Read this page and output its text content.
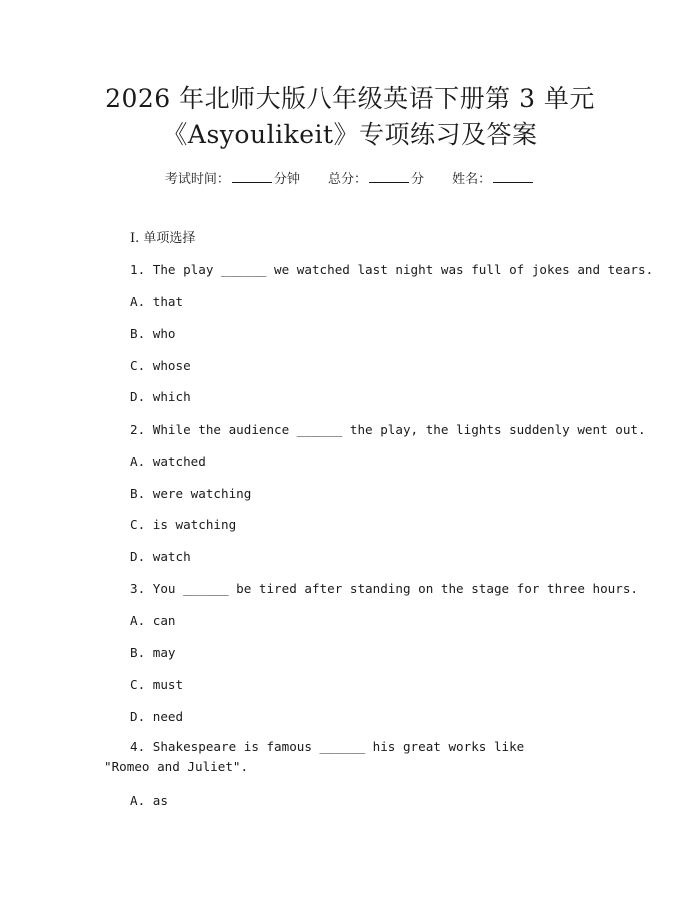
2026 年北师大版八年级英语下册第 3 单元
《Asyoulikeit》专项练习及答案
考试时间：	分钟 总分：	分 姓名：
I. 单项选择
1. The play ______ we watched last night was full of jokes and tears.
A. that
B. who
C. whose
D. which
2. While the audience ______ the play, the lights suddenly went out.
A. watched
B. were watching
C. is watching
D. watch
3. You ______ be tired after standing on the stage for three hours.
A. can
B. may
C. must
D. need
4. Shakespeare is famous ______ his great works like "Romeo and Juliet".
A. as
